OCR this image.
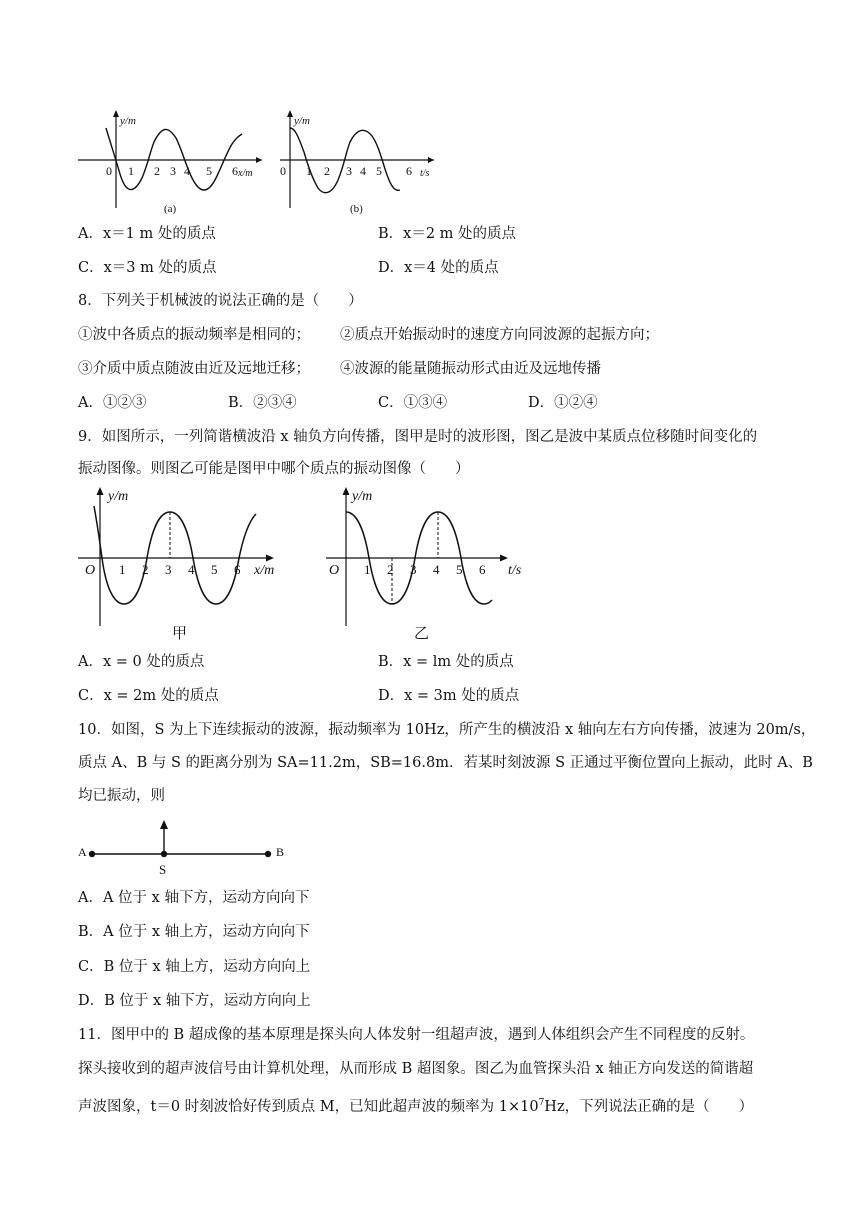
y/m
x/m
0 1 2 3 4 5 6
(a)
y/m
t/s
0 1 2 3 4 5 6
(b)
A．x＝1 m 处的质点	B．x＝2 m 处的质点
C．x＝3 m 处的质点	D．x＝4 处的质点
8．下列关于机械波的说法正确的是（　　）
①波中各质点的振动频率是相同的； ②质点开始振动时的速度方向同波源的起振方向；
③介质中质点随波由近及远地迁移； ④波源的能量随振动形式由近及远地传播
A．①②③	B．②③④	C．①③④	D．①②④
9．如图所示，一列简谐横波沿 x 轴负方向传播，图甲是时的波形图，图乙是波中某质点位移随时间变化的
振动图像。则图乙可能是图甲中哪个质点的振动图像（　　）
y/m
O 1 2 3 4 5 6 x/m
甲
y/m
O 1 2 3 4 5 6 t/s
乙
A．x = 0 处的质点	B．x = lm 处的质点
C．x = 2m 处的质点	D．x = 3m 处的质点
10．如图，S 为上下连续振动的波源，振动频率为 10Hz，所产生的横波沿 x 轴向左右方向传播，波速为 20m/s，
质点 A、B 与 S 的距离分别为 SA=11.2m，SB=16.8m．若某时刻波源 S 正通过平衡位置向上振动，此时 A、B
均已振动，则
A
S
B
A．A 位于 x 轴下方，运动方向向下
B．A 位于 x 轴上方，运动方向向下
C．B 位于 x 轴上方，运动方向向上
D．B 位于 x 轴下方，运动方向向上
11．图甲中的 B 超成像的基本原理是探头向人体发射一组超声波，遇到人体组织会产生不同程度的反射。
探头接收到的超声波信号由计算机处理，从而形成 B 超图象。图乙为血管探头沿 x 轴正方向发送的简谐超
声波图象，t＝0 时刻波恰好传到质点 M，已知此超声波的频率为 $1\times 10^7Hz$，下列说法正确的是（　　）
